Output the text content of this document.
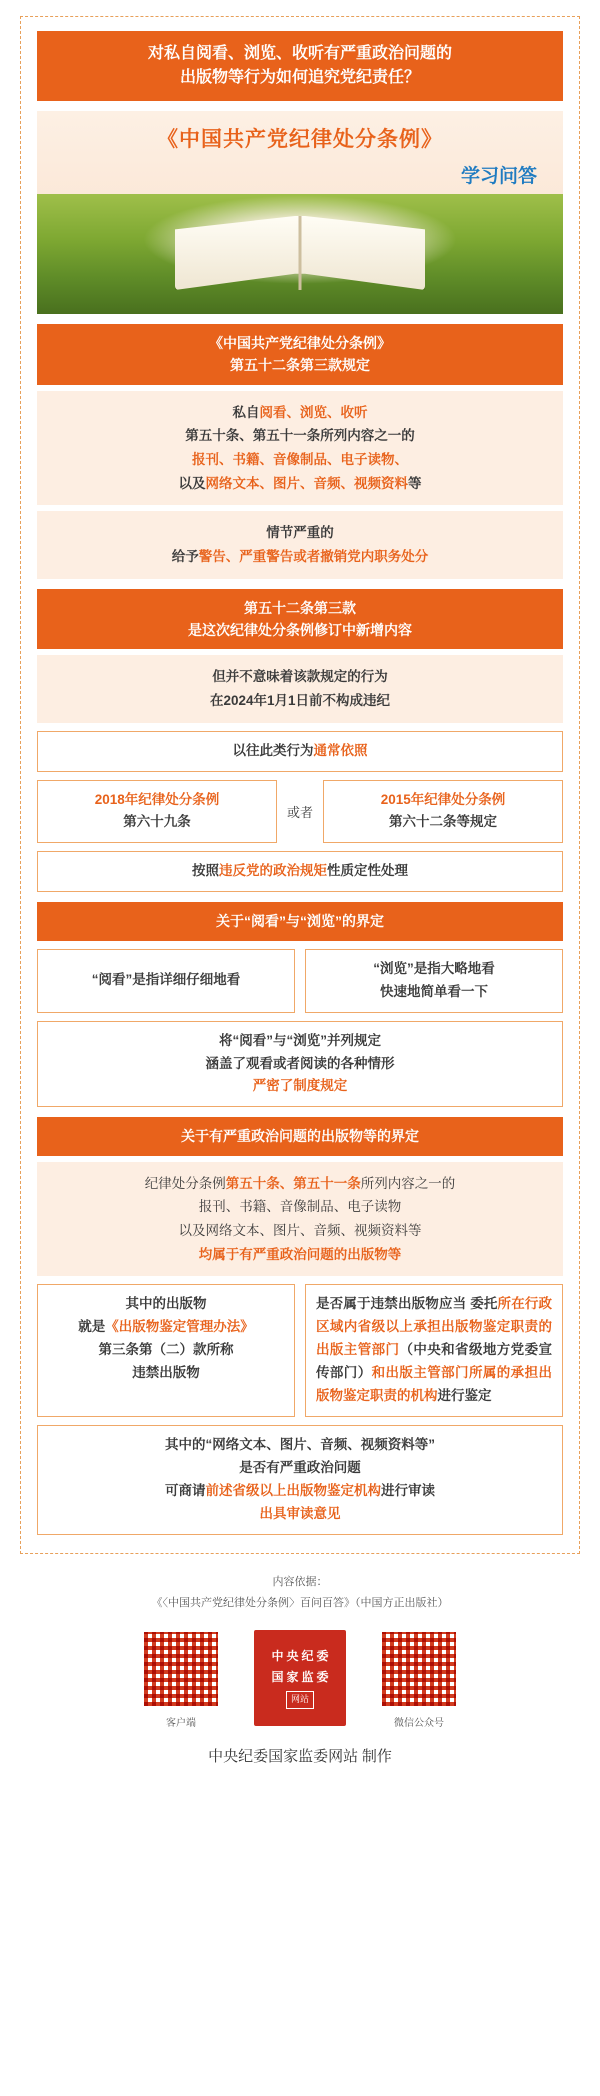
对私自阅看、浏览、收听有严重政治问题的
出版物等行为如何追究党纪责任？
《中国共产党纪律处分条例》
学习问答
《中国共产党纪律处分条例》
第五十二条第三款规定
私自阅看、浏览、收听
第五十条、第五十一条所列内容之一的
报刊、书籍、音像制品、电子读物、
以及网络文本、图片、音频、视频资料等
情节严重的
给予警告、严重警告或者撤销党内职务处分
第五十二条第三款
是这次纪律处分条例修订中新增内容
但并不意味着该款规定的行为
在2024年1月1日前不构成违纪
以往此类行为通常依照
2018年纪律处分条例
第六十九条
或者
2015年纪律处分条例
第六十二条等规定
按照违反党的政治规矩性质定性处理
关于“阅看”与“浏览”的界定
“阅看”是指详细仔细地看
“浏览”是指大略地看
快速地简单看一下
将“阅看”与“浏览”并列规定
涵盖了观看或者阅读的各种情形
严密了制度规定
关于有严重政治问题的出版物等的界定
纪律处分条例第五十条、第五十一条所列内容之一的
报刊、书籍、音像制品、电子读物
以及网络文本、图片、音频、视频资料等
均属于有严重政治问题的出版物等
其中的出版物
就是《出版物鉴定管理办法》
第三条第（二）款所称
违禁出版物
是否属于违禁出版物应当 委托所在行政区域内省级以上承担出版物鉴定职责的出版主管部门（中央和省级地方党委宣传部门）和出版主管部门所属的承担出版物鉴定职责的机构进行鉴定
其中的“网络文本、图片、音频、视频资料等”
是否有严重政治问题
可商请前述省级以上出版物鉴定机构进行审读
出具审读意见
内容依据：
《〈中国共产党纪律处分条例〉百问百答》（中国方正出版社）
客户端
中 央 纪 委
国 家 监 委
网站
微信公众号
中央纪委国家监委网站 制作
